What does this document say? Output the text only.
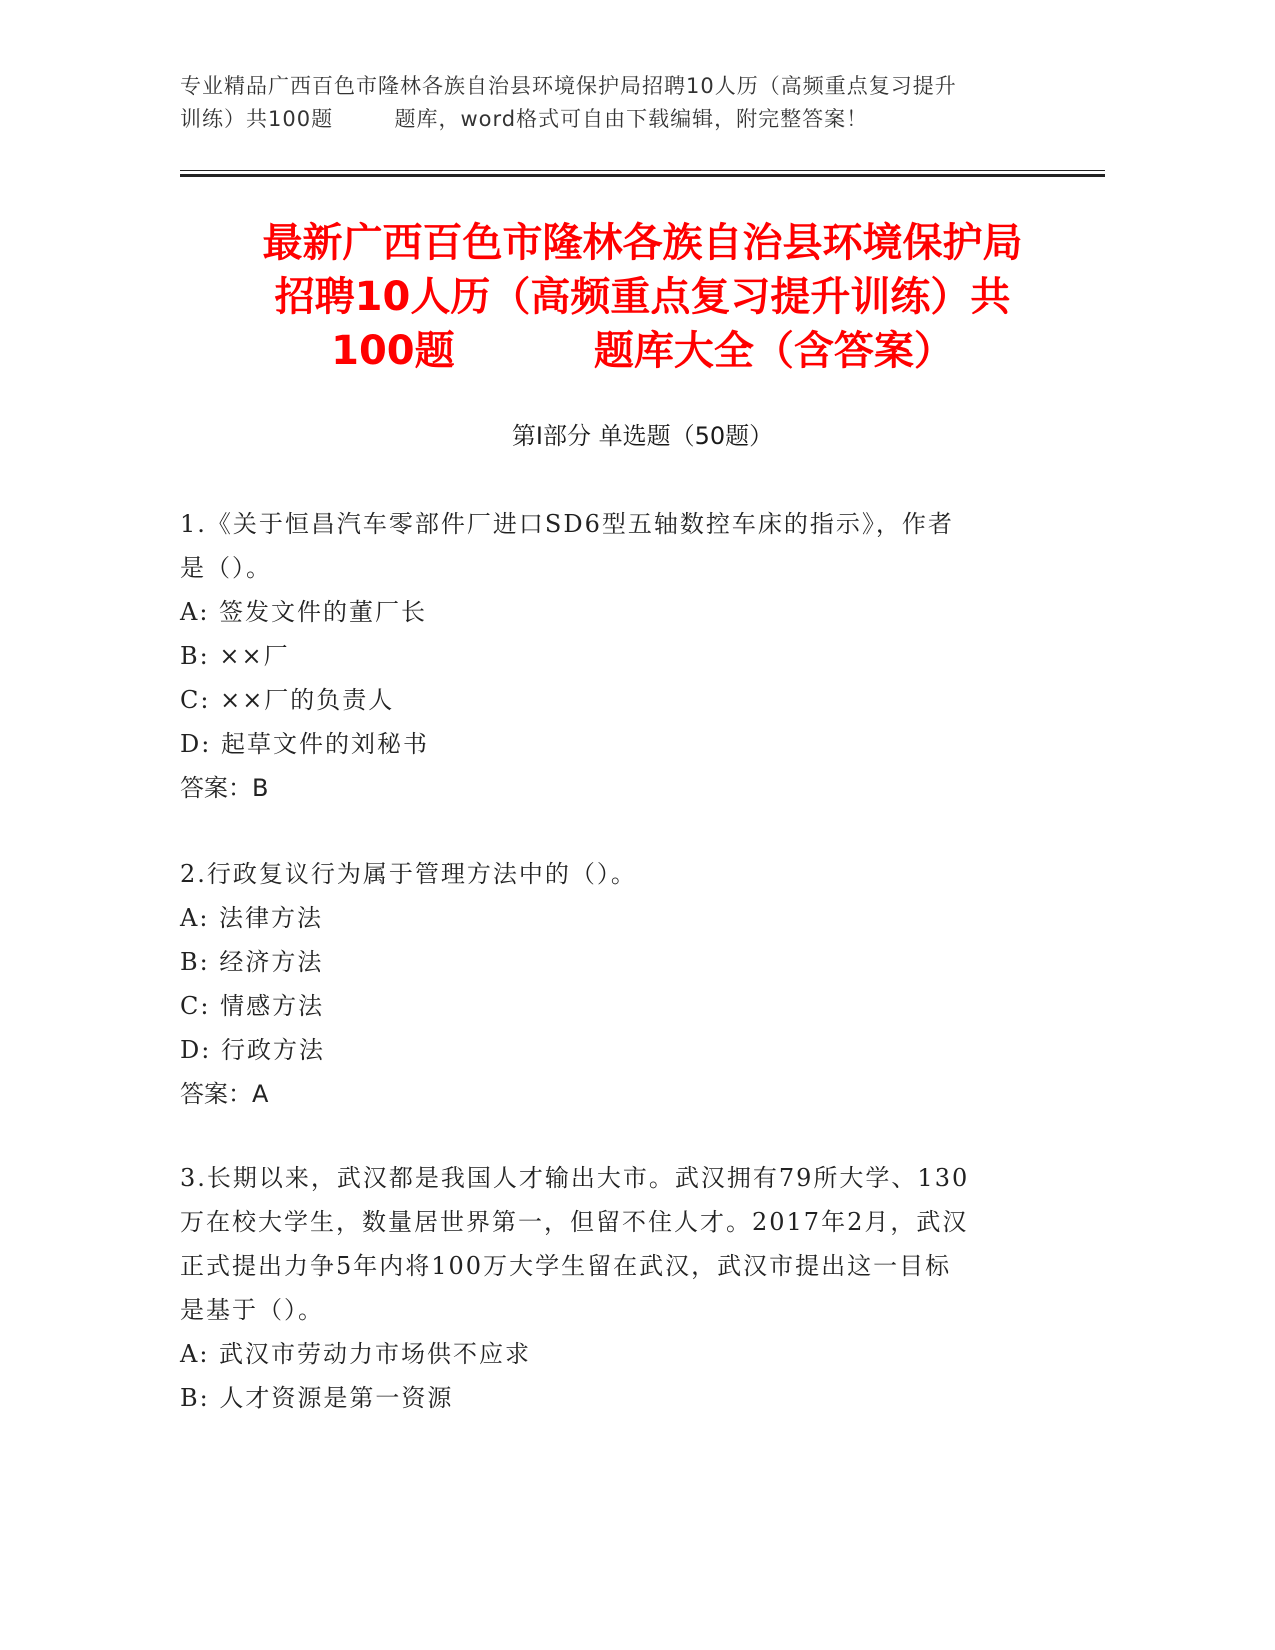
专业精品广西百色市隆林各族自治县环境保护局招聘10人历（高频重点复习提升
训练）共100题        题库，word格式可自由下载编辑，附完整答案！
最新广西百色市隆林各族自治县环境保护局
招聘10人历（高频重点复习提升训练）共
100题          题库大全（含答案）
第Ⅰ部分 单选题（50题）
1.《关于恒昌汽车零部件厂进口SD6型五轴数控车床的指示》，作者
是（）。
A: 签发文件的董厂长
B: ××厂
C: ××厂的负责人
D: 起草文件的刘秘书
答案：B
2.行政复议行为属于管理方法中的（）。
A: 法律方法
B: 经济方法
C: 情感方法
D: 行政方法
答案：A
3.长期以来，武汉都是我国人才输出大市。武汉拥有79所大学、130
万在校大学生，数量居世界第一，但留不住人才。2017年2月，武汉
正式提出力争5年内将100万大学生留在武汉，武汉市提出这一目标
是基于（）。
A: 武汉市劳动力市场供不应求
B: 人才资源是第一资源
